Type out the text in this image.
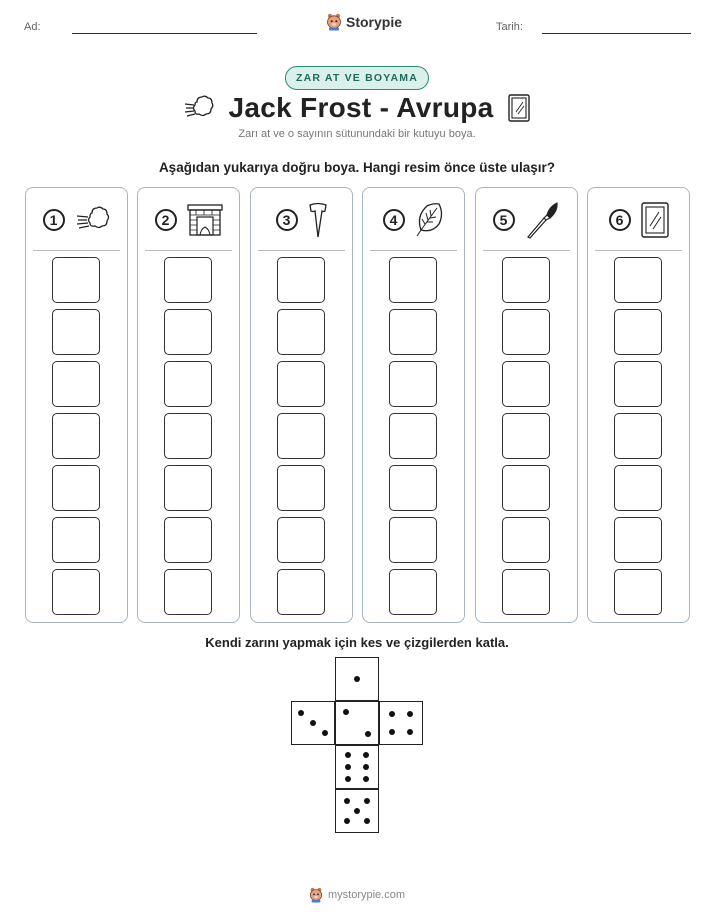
Ad:	Storypie	Tarih:
ZAR AT VE BOYAMA
Jack Frost - Avrupa
Zarı at ve o sayının sütunundaki bir kutuyu boya.
Aşağıdan yukarıya doğru boya. Hangi resim önce üste ulaşır?
1	2	3	4	5	6
Kendi zarını yapmak için kes ve çizgilerden katla.
mystorypie.com
